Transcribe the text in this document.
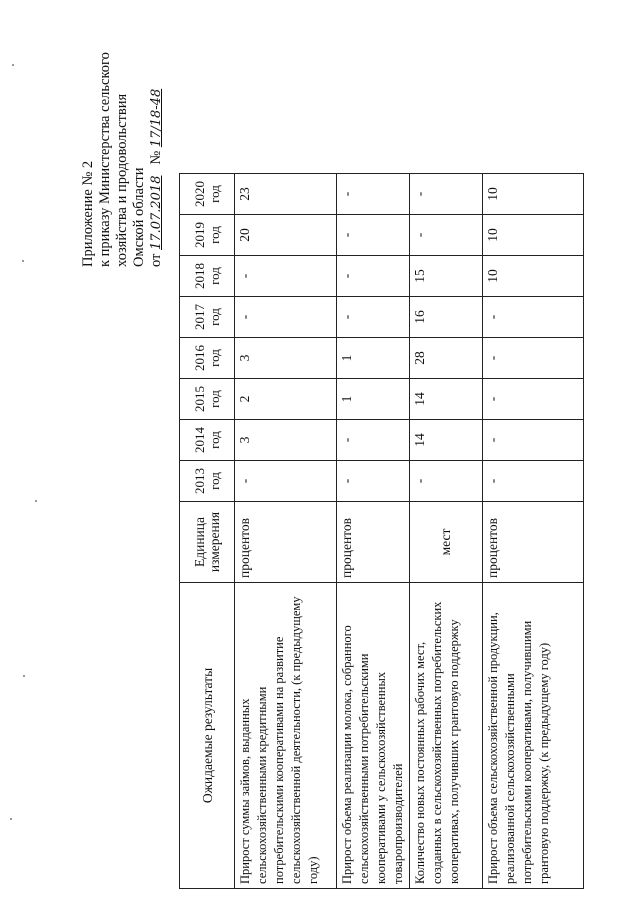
Приложение № 2 к приказу Министерства сельского хозяйства и продовольствия Омской области от 17.07.2018   № 17/18-48
Ожидаемые результаты	Единица измерения	2013 год	2014 год	2015 год	2016 год	2017 год	2018 год	2019 год	2020 год
Прирост суммы займов, выданных сельскохозяйственными кредитными потребительскими кооперативами на развитие сельскохозяйственной деятельности, (к предыдущему году)	процентов	-	3	2	3	-	-	20	23
Прирост объема реализации молока, собранного сельскохозяйственными потребительскими кооперативами у сельскохозяйственных товаропроизводителей	процентов	-	-	1	1	-	-	-	-
Количество новых постоянных рабочих мест, созданных в сельскохозяйственных потребительских кооперативах, получивших грантовую поддержку	мест	-	14	14	28	16	15	-	-
Прирост объема сельскохозяйственной продукции, реализованной сельскохозяйственными потребительскими кооперативами, получившими грантовую поддержку, (к предыдущему году)	процентов	-	-	-	-	-	10	10	10
